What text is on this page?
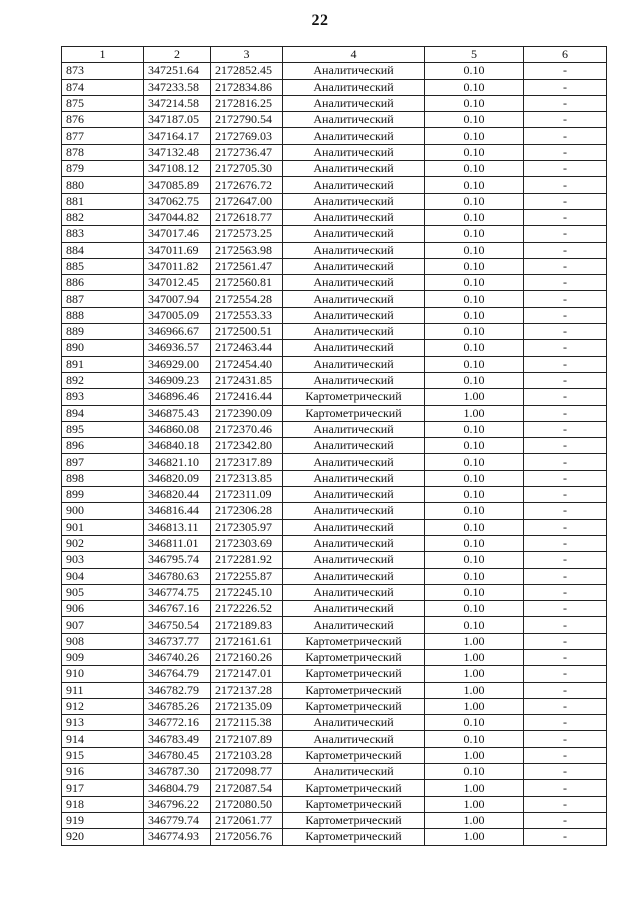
22
1	2	3	4	5	6
873	347251.64	2172852.45	Аналитический	0.10	-
874	347233.58	2172834.86	Аналитический	0.10	-
875	347214.58	2172816.25	Аналитический	0.10	-
876	347187.05	2172790.54	Аналитический	0.10	-
877	347164.17	2172769.03	Аналитический	0.10	-
878	347132.48	2172736.47	Аналитический	0.10	-
879	347108.12	2172705.30	Аналитический	0.10	-
880	347085.89	2172676.72	Аналитический	0.10	-
881	347062.75	2172647.00	Аналитический	0.10	-
882	347044.82	2172618.77	Аналитический	0.10	-
883	347017.46	2172573.25	Аналитический	0.10	-
884	347011.69	2172563.98	Аналитический	0.10	-
885	347011.82	2172561.47	Аналитический	0.10	-
886	347012.45	2172560.81	Аналитический	0.10	-
887	347007.94	2172554.28	Аналитический	0.10	-
888	347005.09	2172553.33	Аналитический	0.10	-
889	346966.67	2172500.51	Аналитический	0.10	-
890	346936.57	2172463.44	Аналитический	0.10	-
891	346929.00	2172454.40	Аналитический	0.10	-
892	346909.23	2172431.85	Аналитический	0.10	-
893	346896.46	2172416.44	Картометрический	1.00	-
894	346875.43	2172390.09	Картометрический	1.00	-
895	346860.08	2172370.46	Аналитический	0.10	-
896	346840.18	2172342.80	Аналитический	0.10	-
897	346821.10	2172317.89	Аналитический	0.10	-
898	346820.09	2172313.85	Аналитический	0.10	-
899	346820.44	2172311.09	Аналитический	0.10	-
900	346816.44	2172306.28	Аналитический	0.10	-
901	346813.11	2172305.97	Аналитический	0.10	-
902	346811.01	2172303.69	Аналитический	0.10	-
903	346795.74	2172281.92	Аналитический	0.10	-
904	346780.63	2172255.87	Аналитический	0.10	-
905	346774.75	2172245.10	Аналитический	0.10	-
906	346767.16	2172226.52	Аналитический	0.10	-
907	346750.54	2172189.83	Аналитический	0.10	-
908	346737.77	2172161.61	Картометрический	1.00	-
909	346740.26	2172160.26	Картометрический	1.00	-
910	346764.79	2172147.01	Картометрический	1.00	-
911	346782.79	2172137.28	Картометрический	1.00	-
912	346785.26	2172135.09	Картометрический	1.00	-
913	346772.16	2172115.38	Аналитический	0.10	-
914	346783.49	2172107.89	Аналитический	0.10	-
915	346780.45	2172103.28	Картометрический	1.00	-
916	346787.30	2172098.77	Аналитический	0.10	-
917	346804.79	2172087.54	Картометрический	1.00	-
918	346796.22	2172080.50	Картометрический	1.00	-
919	346779.74	2172061.77	Картометрический	1.00	-
920	346774.93	2172056.76	Картометрический	1.00	-
